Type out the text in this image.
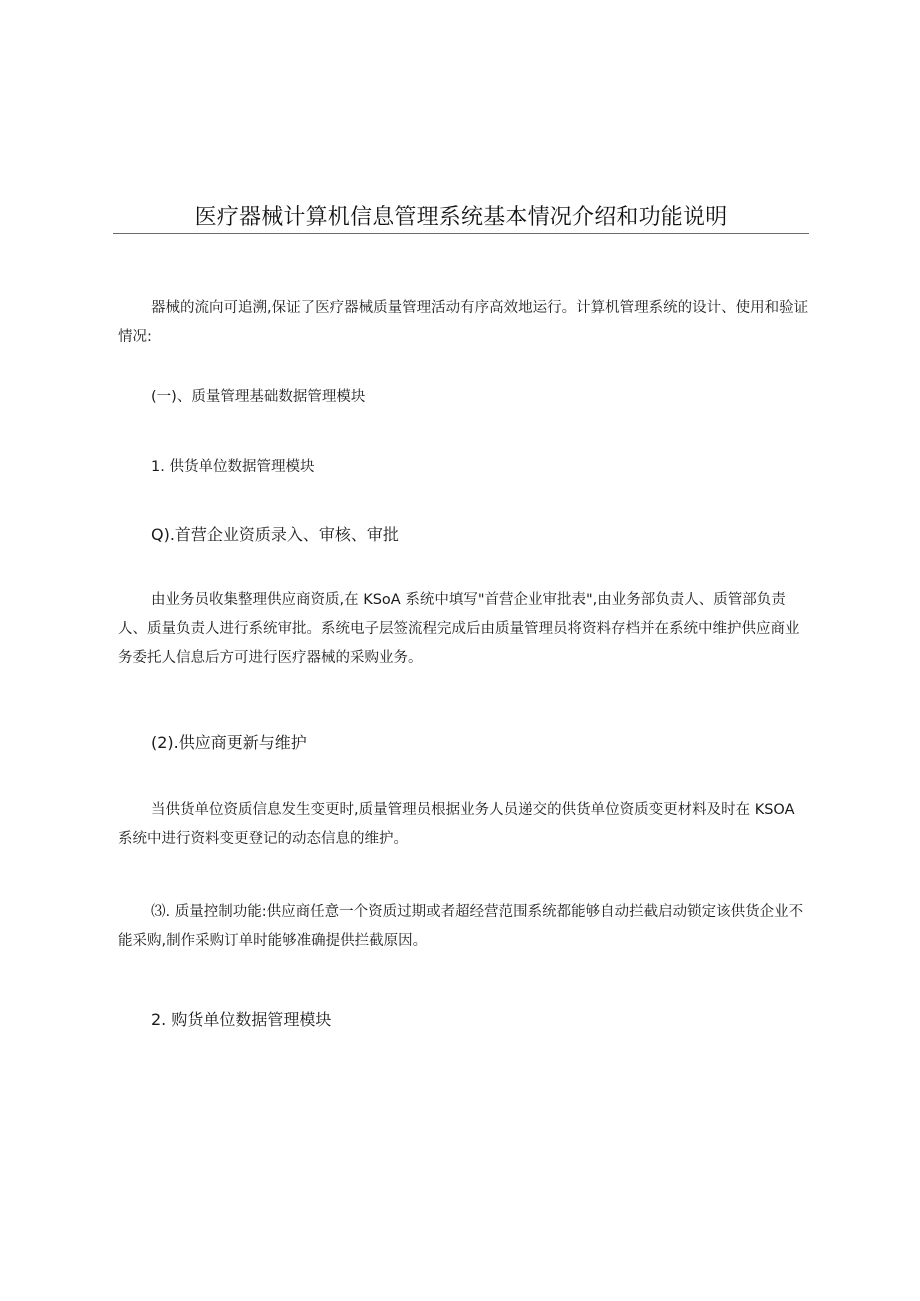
医疗器械计算机信息管理系统基本情况介绍和功能说明

器械的流向可追溯,保证了医疗器械质量管理活动有序高效地运行。计算机管理系统的设计、使用和验证情况:

(一)、质量管理基础数据管理模块
1. 供货单位数据管理模块
Q).首营企业资质录入、审核、审批

由业务员收集整理供应商资质,在 KSoA 系统中填写"首营企业审批表",由业务部负责人、质管部负责人、质量负责人进行系统审批。系统电子层签流程完成后由质量管理员将资料存档并在系统中维护供应商业务委托人信息后方可进行医疗器械的采购业务。

(2).供应商更新与维护

当供货单位资质信息发生变更时,质量管理员根据业务人员递交的供货单位资质变更材料及时在 KSOA 系统中进行资料变更登记的动态信息的维护。

⑶. 质量控制功能:供应商任意一个资质过期或者超经营范围系统都能够自动拦截启动锁定该供货企业不能采购,制作采购订单时能够准确提供拦截原因。

2. 购货单位数据管理模块
